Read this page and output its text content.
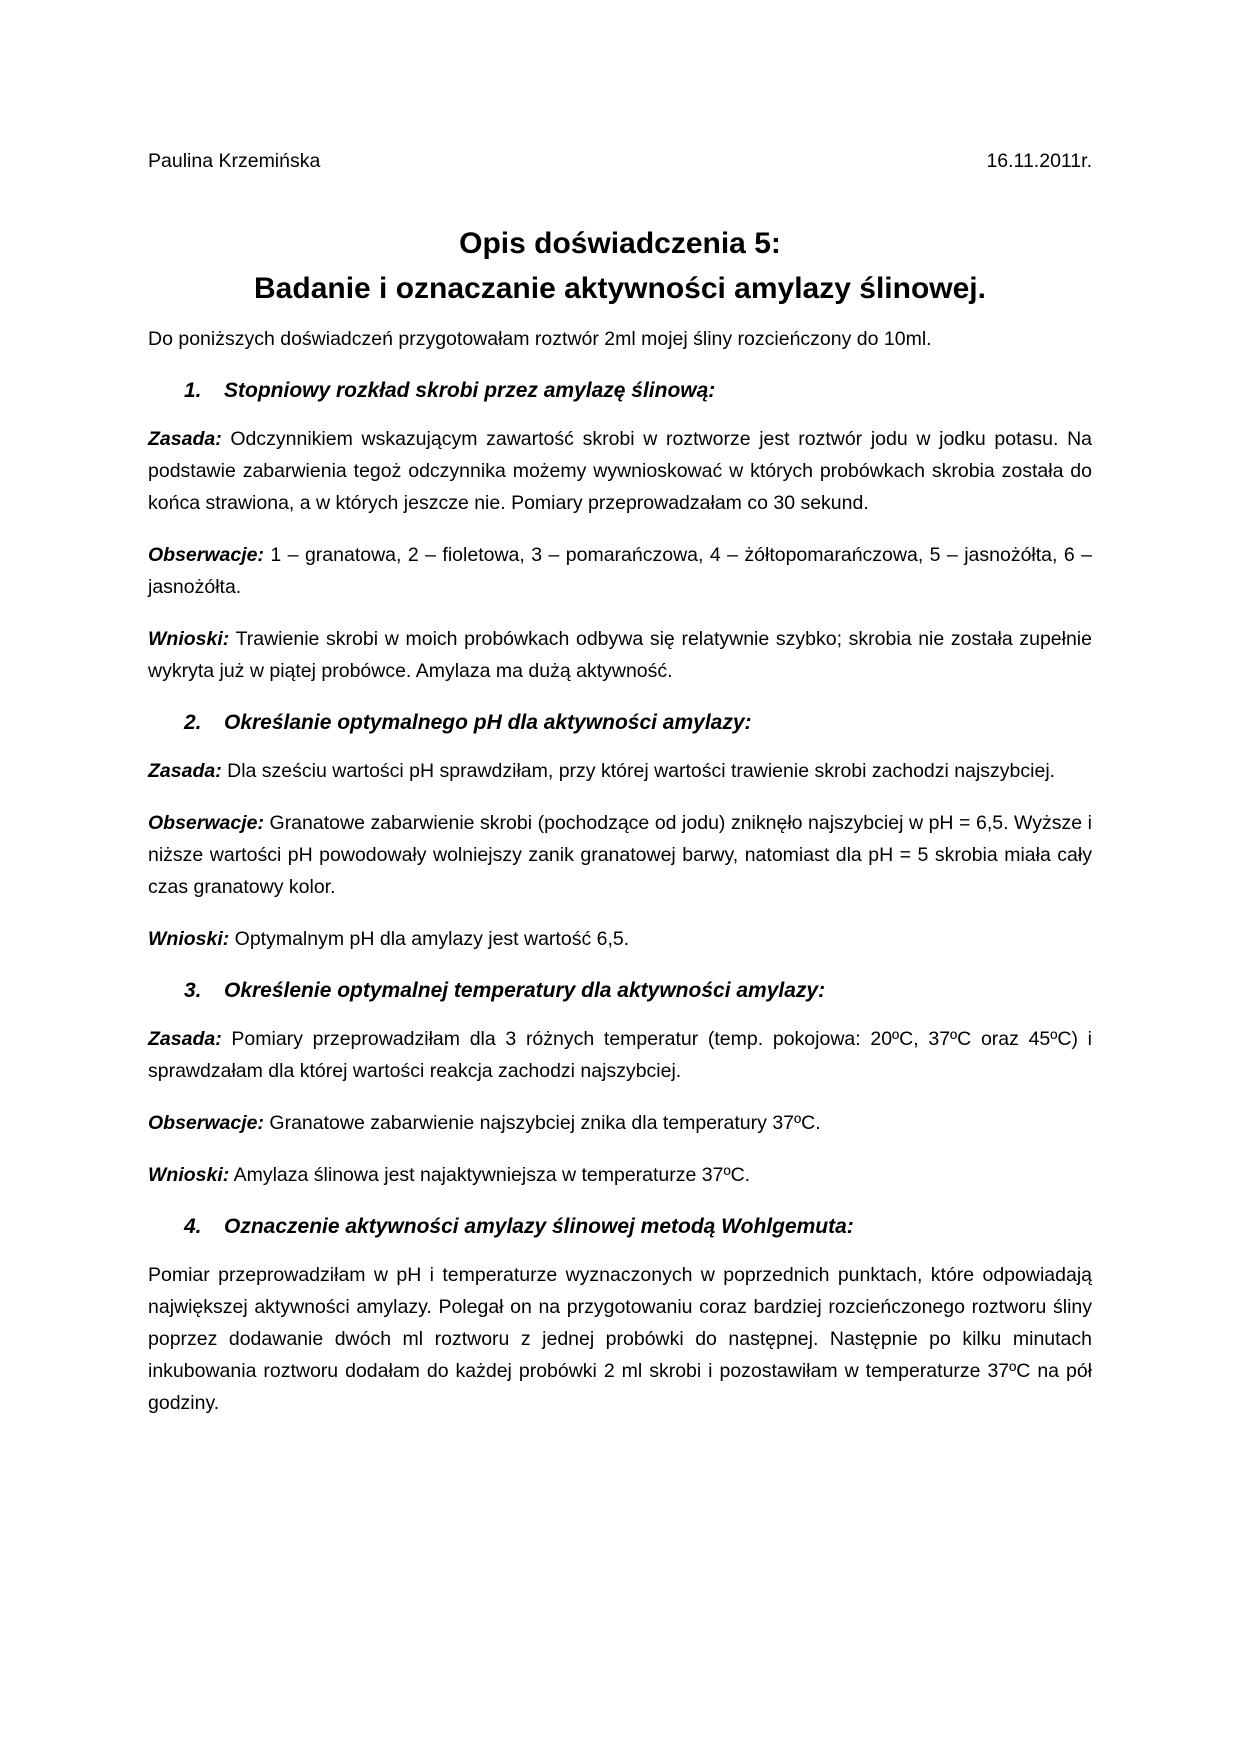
Paulina Krzemińska	16.11.2011r.
Opis doświadczenia 5:
Badanie i oznaczanie aktywności amylazy ślinowej.
Do poniższych doświadczeń przygotowałam roztwór 2ml mojej śliny rozcieńczony do 10ml.
1.	Stopniowy rozkład skrobi przez amylazę ślinową:
Zasada: Odczynnikiem wskazującym zawartość skrobi w roztworze jest roztwór jodu w jodku potasu. Na podstawie zabarwienia tegoż odczynnika możemy wywnioskować w których probówkach skrobia została do końca strawiona, a w których jeszcze nie. Pomiary przeprowadzałam co 30 sekund.
Obserwacje: 1 – granatowa, 2 – fioletowa, 3 – pomarańczowa, 4 – żółtopomarańczowa, 5 – jasnożółta, 6 – jasnożółta.
Wnioski: Trawienie skrobi w moich probówkach odbywa się relatywnie szybko; skrobia nie została zupełnie wykryta już w piątej probówce. Amylaza ma dużą aktywność.
2.	Określanie optymalnego pH dla aktywności amylazy:
Zasada: Dla sześciu wartości pH sprawdziłam, przy której wartości trawienie skrobi zachodzi najszybciej.
Obserwacje: Granatowe zabarwienie skrobi (pochodzące od jodu) zniknęło najszybciej w pH = 6,5. Wyższe i niższe wartości pH powodowały wolniejszy zanik granatowej barwy, natomiast dla pH = 5 skrobia miała cały czas granatowy kolor.
Wnioski: Optymalnym pH dla amylazy jest wartość 6,5.
3.	Określenie optymalnej temperatury dla aktywności amylazy:
Zasada: Pomiary przeprowadziłam dla 3 różnych temperatur (temp. pokojowa: 20ºC, 37ºC oraz 45ºC) i sprawdzałam dla której wartości reakcja zachodzi najszybciej.
Obserwacje: Granatowe zabarwienie najszybciej znika dla temperatury 37ºC.
Wnioski: Amylaza ślinowa jest najaktywniejsza w temperaturze 37ºC.
4.	Oznaczenie aktywności amylazy ślinowej metodą Wohlgemuta:
Pomiar przeprowadziłam w pH i temperaturze wyznaczonych w poprzednich punktach, które odpowiadają największej aktywności amylazy. Polegał on na przygotowaniu coraz bardziej rozcieńczonego roztworu śliny poprzez dodawanie dwóch ml roztworu z jednej probówki do następnej. Następnie po kilku minutach inkubowania roztworu dodałam do każdej probówki 2 ml skrobi i pozostawiłam w temperaturze 37ºC na pół godziny.
